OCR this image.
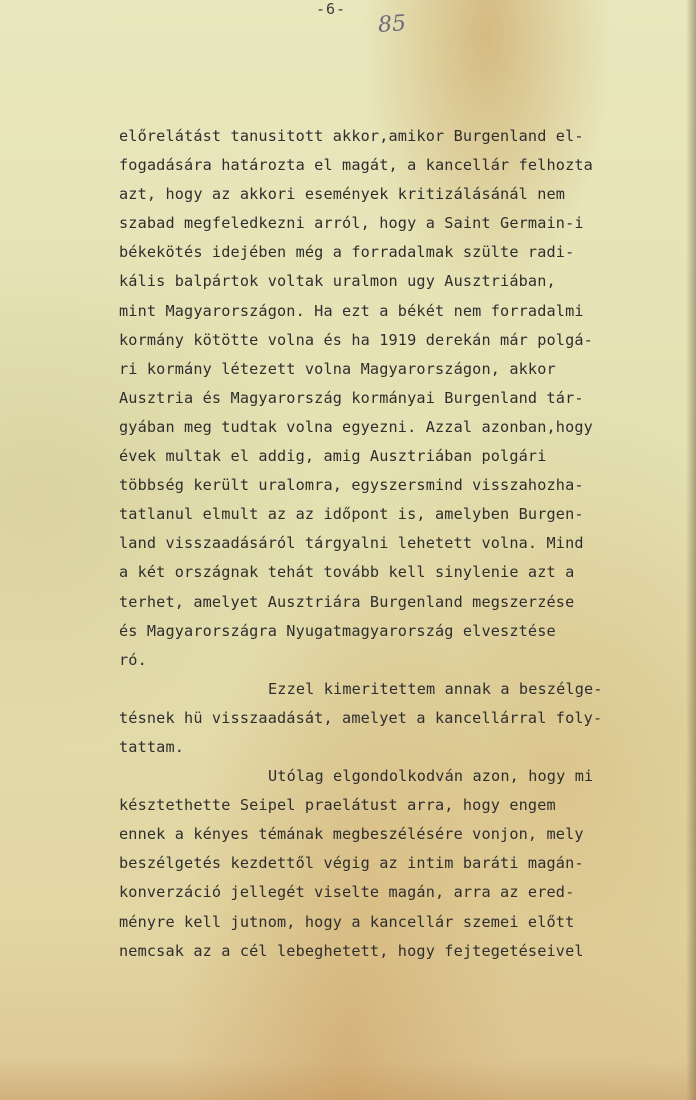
-6-

85

előrelátást tanusitott akkor,amikor Burgenland el-
fogadására határozta el magát, a kancellár felhozta
azt, hogy az akkori események kritizálásánál nem
szabad megfeledkezni arról, hogy a Saint Germain-i
békekötés idejében még a forradalmak szülte radi-
kális balpártok voltak uralmon ugy Ausztriában,
mint Magyarországon. Ha ezt a békét nem forradalmi
kormány kötötte volna és ha 1919 derekán már polgá-
ri kormány létezett volna Magyarországon, akkor
Ausztria és Magyarország kormányai Burgenland tár-
gyában meg tudtak volna egyezni. Azzal azonban,hogy
évek multak el addig, amig Ausztriában polgári
többség került uralomra, egyszersmind visszahozha-
tatlanul elmult az az időpont is, amelyben Burgen-
land visszaadásáról tárgyalni lehetett volna. Mind
a két országnak tehát tovább kell sinylenie azt a
terhet, amelyet Ausztriára Burgenland megszerzése
és Magyarországra Nyugatmagyarország elvesztése
ró.
Ezzel kimeritettem annak a beszélge-
tésnek hü visszaadását, amelyet a kancellárral foly-
tattam.
Utólag elgondolkodván azon, hogy mi
késztethette Seipel praelátust arra, hogy engem
ennek a kényes témának megbeszélésére vonjon, mely
beszélgetés kezdettől végig az intim baráti magán-
konverzáció jellegét viselte magán, arra az ered-
ményre kell jutnom, hogy a kancellár szemei előtt
nemcsak az a cél lebeghetett, hogy fejtegetéseivel
